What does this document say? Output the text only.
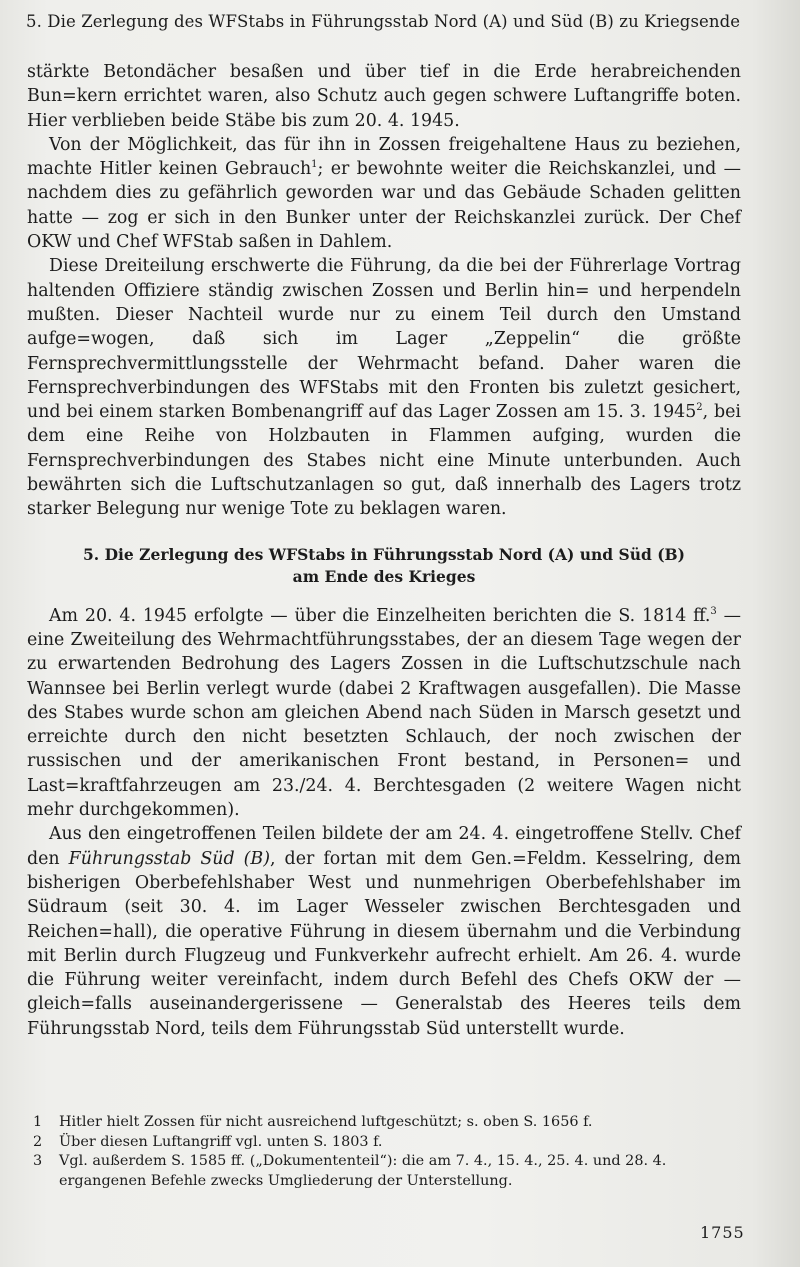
5. Die Zerlegung des WFStabs in Führungsstab Nord (A) und Süd (B) zu Kriegsende

stärkte Betondächer besaßen und über tief in die Erde herabreichenden Bun=kern errichtet waren, also Schutz auch gegen schwere Luftangriffe boten. Hier verblieben beide Stäbe bis zum 20. 4. 1945.

Von der Möglichkeit, das für ihn in Zossen freigehaltene Haus zu beziehen, machte Hitler keinen Gebrauch$^1$; er bewohnte weiter die Reichskanzlei, und — nachdem dies zu gefährlich geworden war und das Gebäude Schaden gelitten hatte — zog er sich in den Bunker unter der Reichskanzlei zurück. Der Chef OKW und Chef WFStab saßen in Dahlem.

Diese Dreiteilung erschwerte die Führung, da die bei der Führerlage Vortrag haltenden Offiziere ständig zwischen Zossen und Berlin hin= und herpendeln mußten. Dieser Nachteil wurde nur zu einem Teil durch den Umstand aufge=wogen, daß sich im Lager „Zeppelin“ die größte Fernsprechvermittlungsstelle der Wehrmacht befand. Daher waren die Fernsprechverbindungen des WFStabs mit den Fronten bis zuletzt gesichert, und bei einem starken Bombenangriff auf das Lager Zossen am 15. 3. 1945$^2$, bei dem eine Reihe von Holzbauten in Flammen aufging, wurden die Fernsprechverbindungen des Stabes nicht eine Minute unterbunden. Auch bewährten sich die Luftschutzanlagen so gut, daß innerhalb des Lagers trotz starker Belegung nur wenige Tote zu beklagen waren.

5. Die Zerlegung des WFStabs in Führungsstab Nord (A) und Süd (B)
am Ende des Krieges

Am 20. 4. 1945 erfolgte — über die Einzelheiten berichten die S. 1814 ff.$^3$ — eine Zweiteilung des Wehrmachtführungsstabes, der an diesem Tage wegen der zu erwartenden Bedrohung des Lagers Zossen in die Luftschutzschule nach Wannsee bei Berlin verlegt wurde (dabei 2 Kraftwagen ausgefallen). Die Masse des Stabes wurde schon am gleichen Abend nach Süden in Marsch gesetzt und erreichte durch den nicht besetzten Schlauch, der noch zwischen der russischen und der amerikanischen Front bestand, in Personen= und Last=kraftfahrzeugen am 23./24. 4. Berchtesgaden (2 weitere Wagen nicht mehr durchgekommen).

Aus den eingetroffenen Teilen bildete der am 24. 4. eingetroffene Stellv. Chef den Führungsstab Süd (B), der fortan mit dem Gen.=Feldm. Kesselring, dem bisherigen Oberbefehlshaber West und nunmehrigen Oberbefehlshaber im Südraum (seit 30. 4. im Lager Wesseler zwischen Berchtesgaden und Reichen=hall), die operative Führung in diesem übernahm und die Verbindung mit Berlin durch Flugzeug und Funkverkehr aufrecht erhielt. Am 26. 4. wurde die Führung weiter vereinfacht, indem durch Befehl des Chefs OKW der — gleich=falls auseinandergerissene — Generalstab des Heeres teils dem Führungsstab Nord, teils dem Führungsstab Süd unterstellt wurde.

1	Hitler hielt Zossen für nicht ausreichend luftgeschützt; s. oben S. 1656 f.
2	Über diesen Luftangriff vgl. unten S. 1803 f.
3	Vgl. außerdem S. 1585 ff. („Dokumententeil“): die am 7. 4., 15. 4., 25. 4. und 28. 4. ergangenen Befehle zwecks Umgliederung der Unterstellung.
1755
